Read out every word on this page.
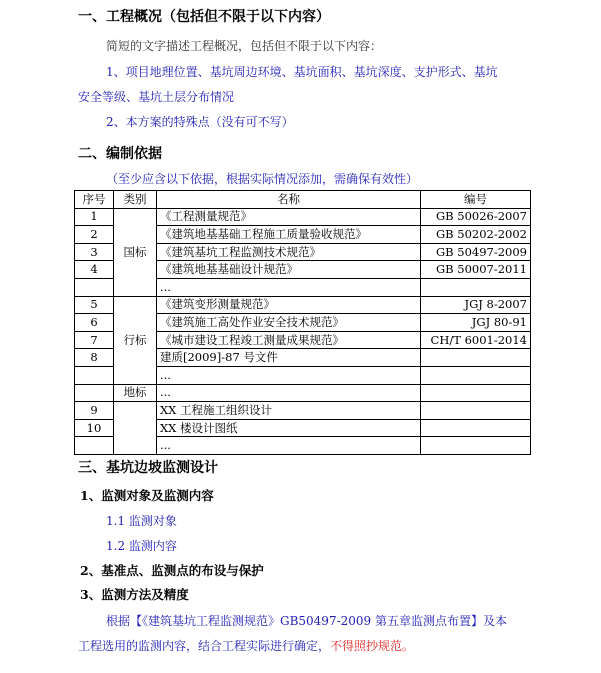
一、工程概况（包括但不限于以下内容）
简短的文字描述工程概况，包括但不限于以下内容：
1、项目地理位置、基坑周边环境、基坑面积、基坑深度、支护形式、基坑
安全等级、基坑土层分布情况
2、本方案的特殊点（没有可不写）
二、编制依据
（至少应含以下依据，根据实际情况添加，需确保有效性）
序号	类别	名称	编号
1	国标	《工程测量规范》	GB 50026-2007
2		《建筑地基基础工程施工质量验收规范》	GB 50202-2002
3		《建筑基坑工程监测技术规范》	GB 50497-2009
4		《建筑地基基础设计规范》	GB 50007-2011
		...	
5	行标	《建筑变形测量规范》	JGJ 8-2007
6		《建筑施工高处作业安全技术规范》	JGJ 80-91
7		《城市建设工程竣工测量成果规范》	CH/T 6001-2014
8		建质[2009]-87 号文件	
		...	
	地标	...	
9		XX 工程施工组织设计	
10		XX 楼设计图纸	
		...	
三、基坑边坡监测设计
1、监测对象及监测内容
1.1 监测对象
1.2 监测内容
2、基准点、监测点的布设与保护
3、监测方法及精度
根据【《建筑基坑工程监测规范》GB50497-2009 第五章监测点布置】及本
工程选用的监测内容，结合工程实际进行确定，不得照抄规范。
